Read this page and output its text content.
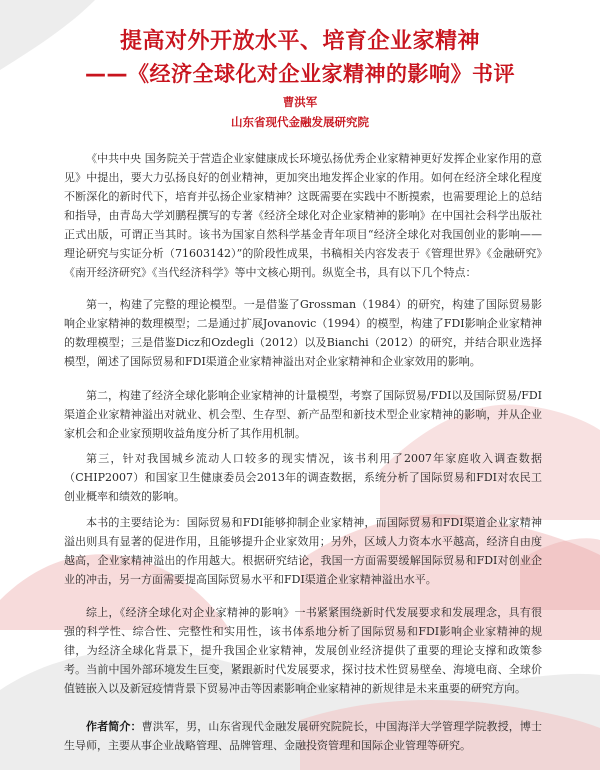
提高对外开放水平、培育企业家精神
——《经济全球化对企业家精神的影响》书评
曹洪军
山东省现代金融发展研究院

《中共中央 国务院关于营造企业家健康成长环境弘扬优秀企业家精神更好发挥企业家作用的意见》中提出，要大力弘扬良好的创业精神，更加突出地发挥企业家的作用。如何在经济全球化程度不断深化的新时代下，培育并弘扬企业家精神？这既需要在实践中不断摸索，也需要理论上的总结和指导，由青岛大学刘鹏程撰写的专著《经济全球化对企业家精神的影响》在中国社会科学出版社正式出版，可谓正当其时。该书为国家自然科学基金青年项目“经济全球化对我国创业的影响——理论研究与实证分析（71603142）”的阶段性成果，书稿相关内容发表于《管理世界》《金融研究》《南开经济研究》《当代经济科学》等中文核心期刊。纵览全书，具有以下几个特点：

第一，构建了完整的理论模型。一是借鉴了Grossman（1984）的研究，构建了国际贸易影响企业家精神的数理模型；二是通过扩展Jovanovic（1994）的模型，构建了FDI影响企业家精神的数理模型；三是借鉴Dicz和Ozdegli（2012）以及Bianchi（2012）的研究，并结合职业选择模型，阐述了国际贸易和FDI渠道企业家精神溢出对企业家精神和企业家效用的影响。

第二，构建了经济全球化影响企业家精神的计量模型，考察了国际贸易/FDI以及国际贸易/FDI渠道企业家精神溢出对就业、机会型、生存型、新产品型和新技术型企业家精神的影响，并从企业家机会和企业家预期收益角度分析了其作用机制。

第三，针对我国城乡流动人口较多的现实情况，该书利用了2007年家庭收入调查数据（CHIP2007）和国家卫生健康委员会2013年的调查数据，系统分析了国际贸易和FDI对农民工创业概率和绩效的影响。

本书的主要结论为：国际贸易和FDI能够抑制企业家精神，而国际贸易和FDI渠道企业家精神溢出则具有显著的促进作用，且能够提升企业家效用；另外，区域人力资本水平越高，经济自由度越高，企业家精神溢出的作用越大。根据研究结论，我国一方面需要缓解国际贸易和FDI对创业企业的冲击，另一方面需要提高国际贸易水平和FDI渠道企业家精神溢出水平。

综上，《经济全球化对企业家精神的影响》一书紧紧围绕新时代发展要求和发展理念，具有很强的科学性、综合性、完整性和实用性，该书体系地分析了国际贸易和FDI影响企业家精神的规律，为经济全球化背景下，提升我国企业家精神，发展创业经济提供了重要的理论支撑和政策参考。当前中国外部环境发生巨变，紧跟新时代发展要求，探讨技术性贸易壁垒、海境电商、全球价值链嵌入以及新冠疫情背景下贸易冲击等因素影响企业家精神的新规律是未来重要的研究方向。

作者简介：曹洪军，男，山东省现代金融发展研究院院长，中国海洋大学管理学院教授，博士生导师，主要从事企业战略管理、品牌管理、金融投资管理和国际企业管理等研究。
